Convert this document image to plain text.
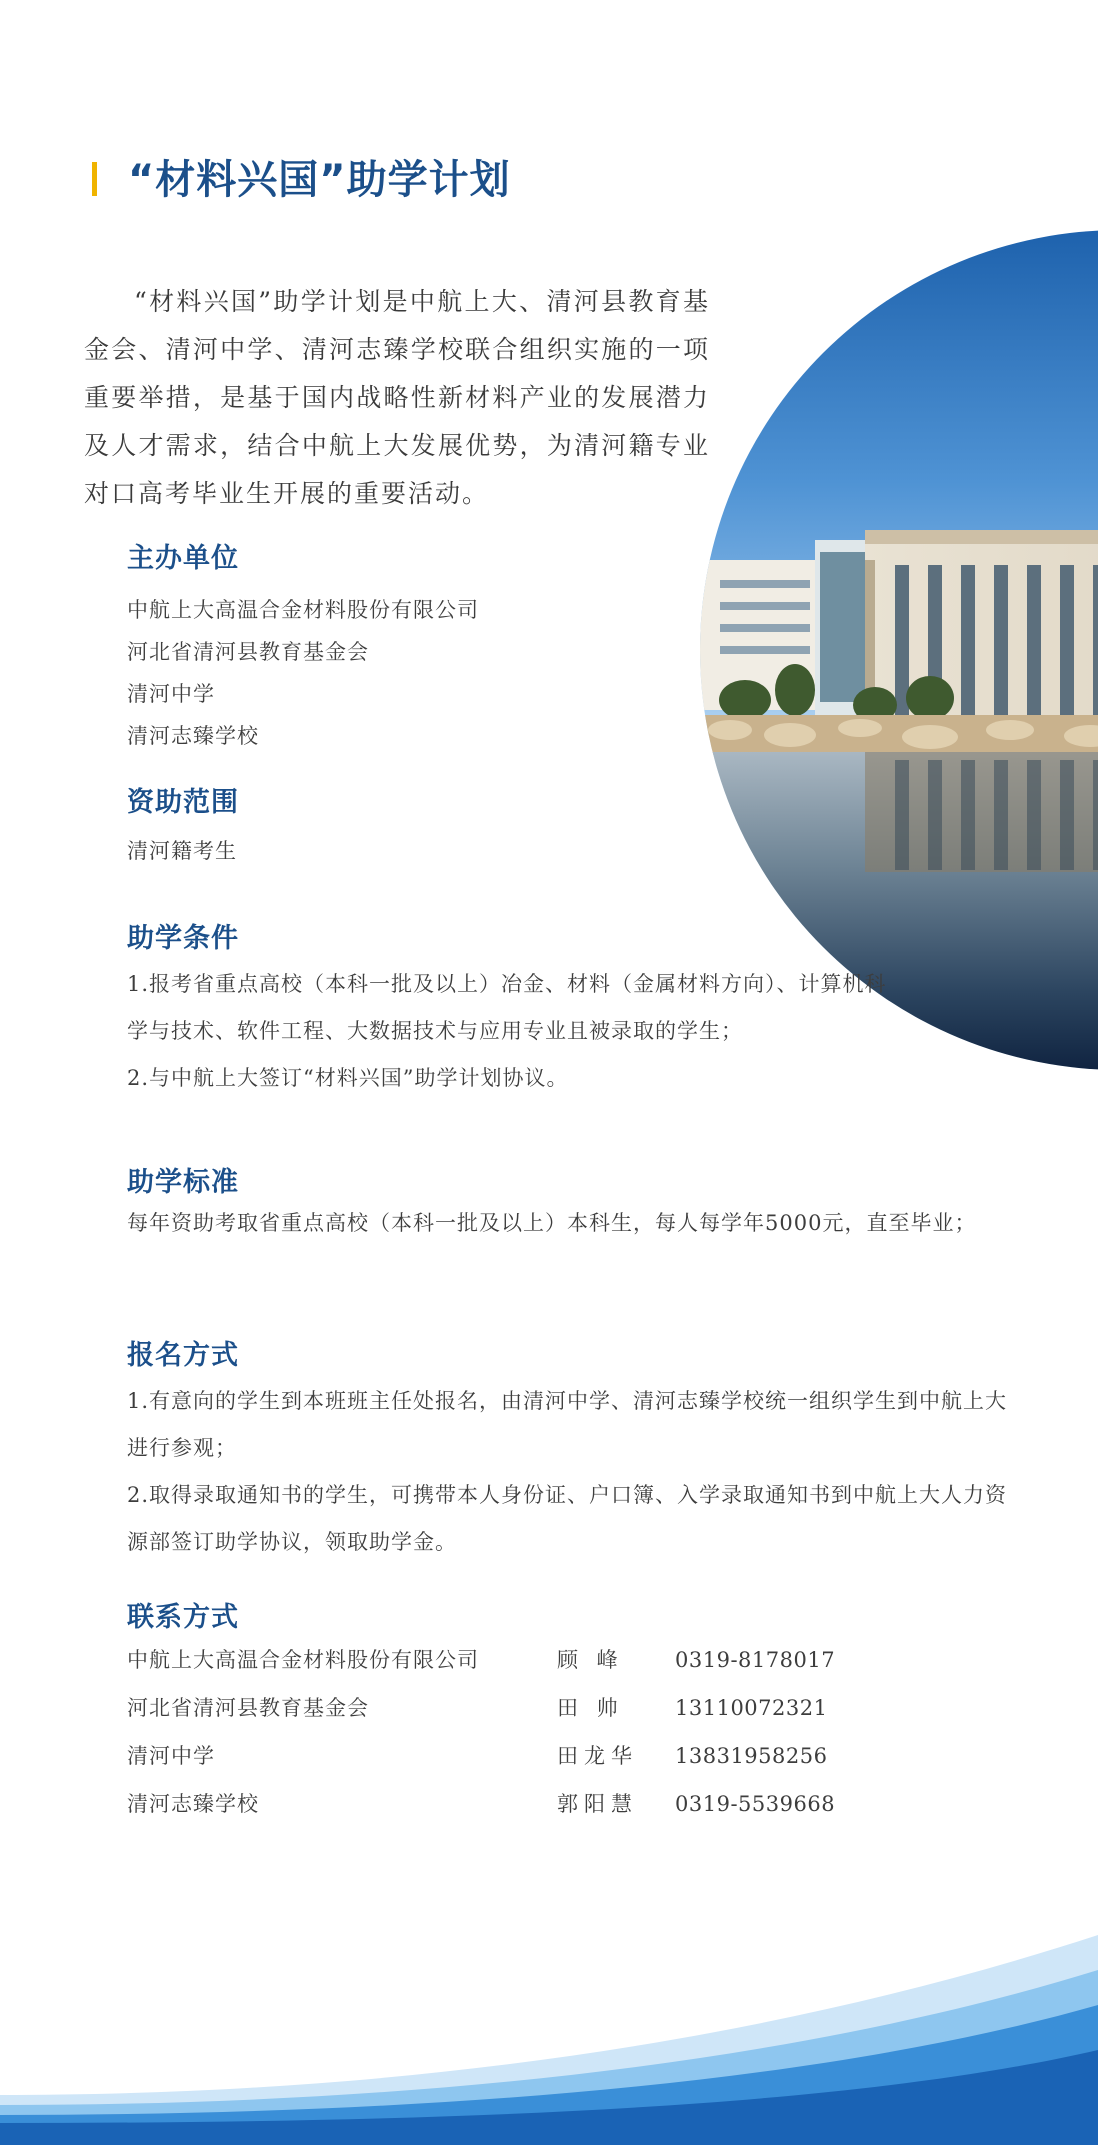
“材料兴国”助学计划

“材料兴国”助学计划是中航上大、清河县教育基金会、清河中学、清河志臻学校联合组织实施的一项重要举措，是基于国内战略性新材料产业的发展潜力及人才需求，结合中航上大发展优势，为清河籍专业对口高考毕业生开展的重要活动。

主办单位
中航上大高温合金材料股份有限公司
河北省清河县教育基金会
清河中学
清河志臻学校
资助范围

清河籍考生

助学条件

1.报考省重点高校（本科一批及以上）冶金、材料（金属材料方向）、计算机科学与技术、软件工程、大数据技术与应用专业且被录取的学生；

2.与中航上大签订“材料兴国”助学计划协议。

助学标准

每年资助考取省重点高校（本科一批及以上）本科生，每人每学年5000元，直至毕业；

报名方式

1.有意向的学生到本班班主任处报名，由清河中学、清河志臻学校统一组织学生到中航上大进行参观；

2.取得录取通知书的学生，可携带本人身份证、户口簿、入学录取通知书到中航上大人力资源部签订助学协议，领取助学金。

联系方式
中航上大高温合金材料股份有限公司	顾 峰	0319-8178017
河北省清河县教育基金会	田 帅	13110072321
清河中学	田龙华	13831958256
清河志臻学校	郭阳慧	0319-5539668
